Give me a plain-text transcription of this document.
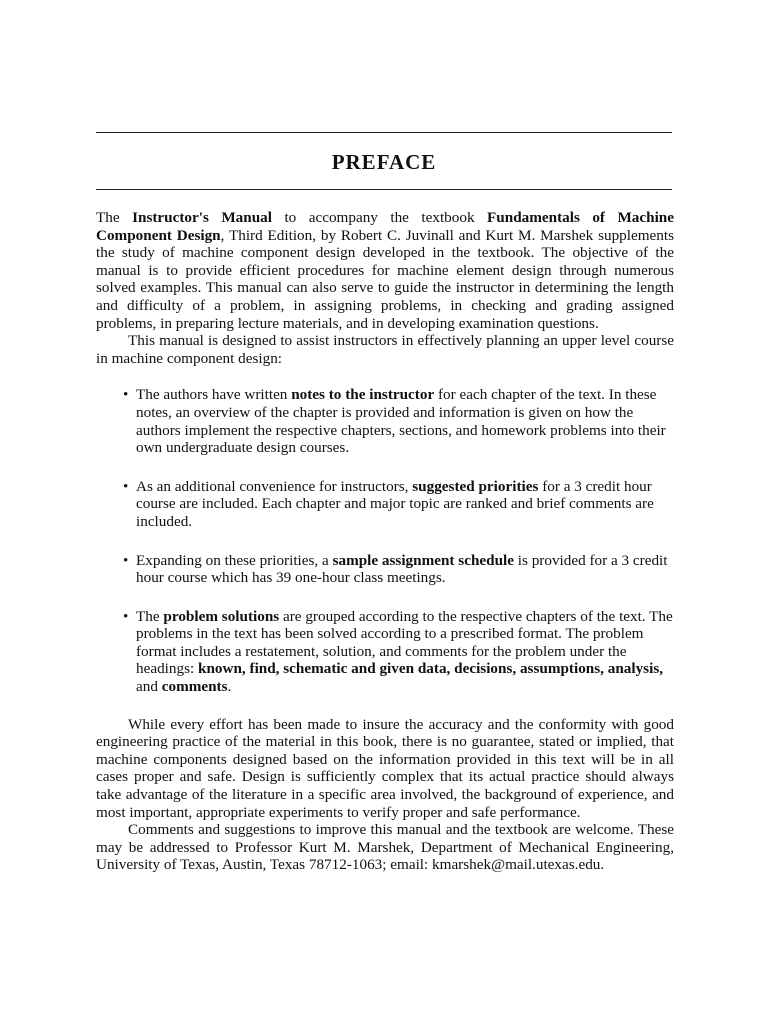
PREFACE

The Instructor's Manual to accompany the textbook Fundamentals of Machine Component Design, Third Edition, by Robert C. Juvinall and Kurt M. Marshek supplements the study of machine component design developed in the textbook. The objective of the manual is to provide efficient procedures for machine element design through numerous solved examples. This manual can also serve to guide the instructor in determining the length and difficulty of a problem, in assigning problems, in checking and grading assigned problems, in preparing lecture materials, and in developing examination questions.

This manual is designed to assist instructors in effectively planning an upper level course in machine component design:

• The authors have written notes to the instructor for each chapter of the text. In these notes, an overview of the chapter is provided and information is given on how the authors implement the respective chapters, sections, and homework problems into their own undergraduate design courses.
• As an additional convenience for instructors, suggested priorities for a 3 credit hour course are included. Each chapter and major topic are ranked and brief comments are included.
• Expanding on these priorities, a sample assignment schedule is provided for a 3 credit hour course which has 39 one-hour class meetings.
• The problem solutions are grouped according to the respective chapters of the text. The problems in the text has been solved according to a prescribed format. The problem format includes a restatement, solution, and comments for the problem under the headings: known, find, schematic and given data, decisions, assumptions, analysis, and comments.

While every effort has been made to insure the accuracy and the conformity with good engineering practice of the material in this book, there is no guarantee, stated or implied, that machine components designed based on the information provided in this text will be in all cases proper and safe. Design is sufficiently complex that its actual practice should always take advantage of the literature in a specific area involved, the background of experience, and most important, appropriate experiments to verify proper and safe performance.

Comments and suggestions to improve this manual and the textbook are welcome. These may be addressed to Professor Kurt M. Marshek, Department of Mechanical Engineering, University of Texas, Austin, Texas 78712-1063; email: kmarshek@mail.utexas.edu.
